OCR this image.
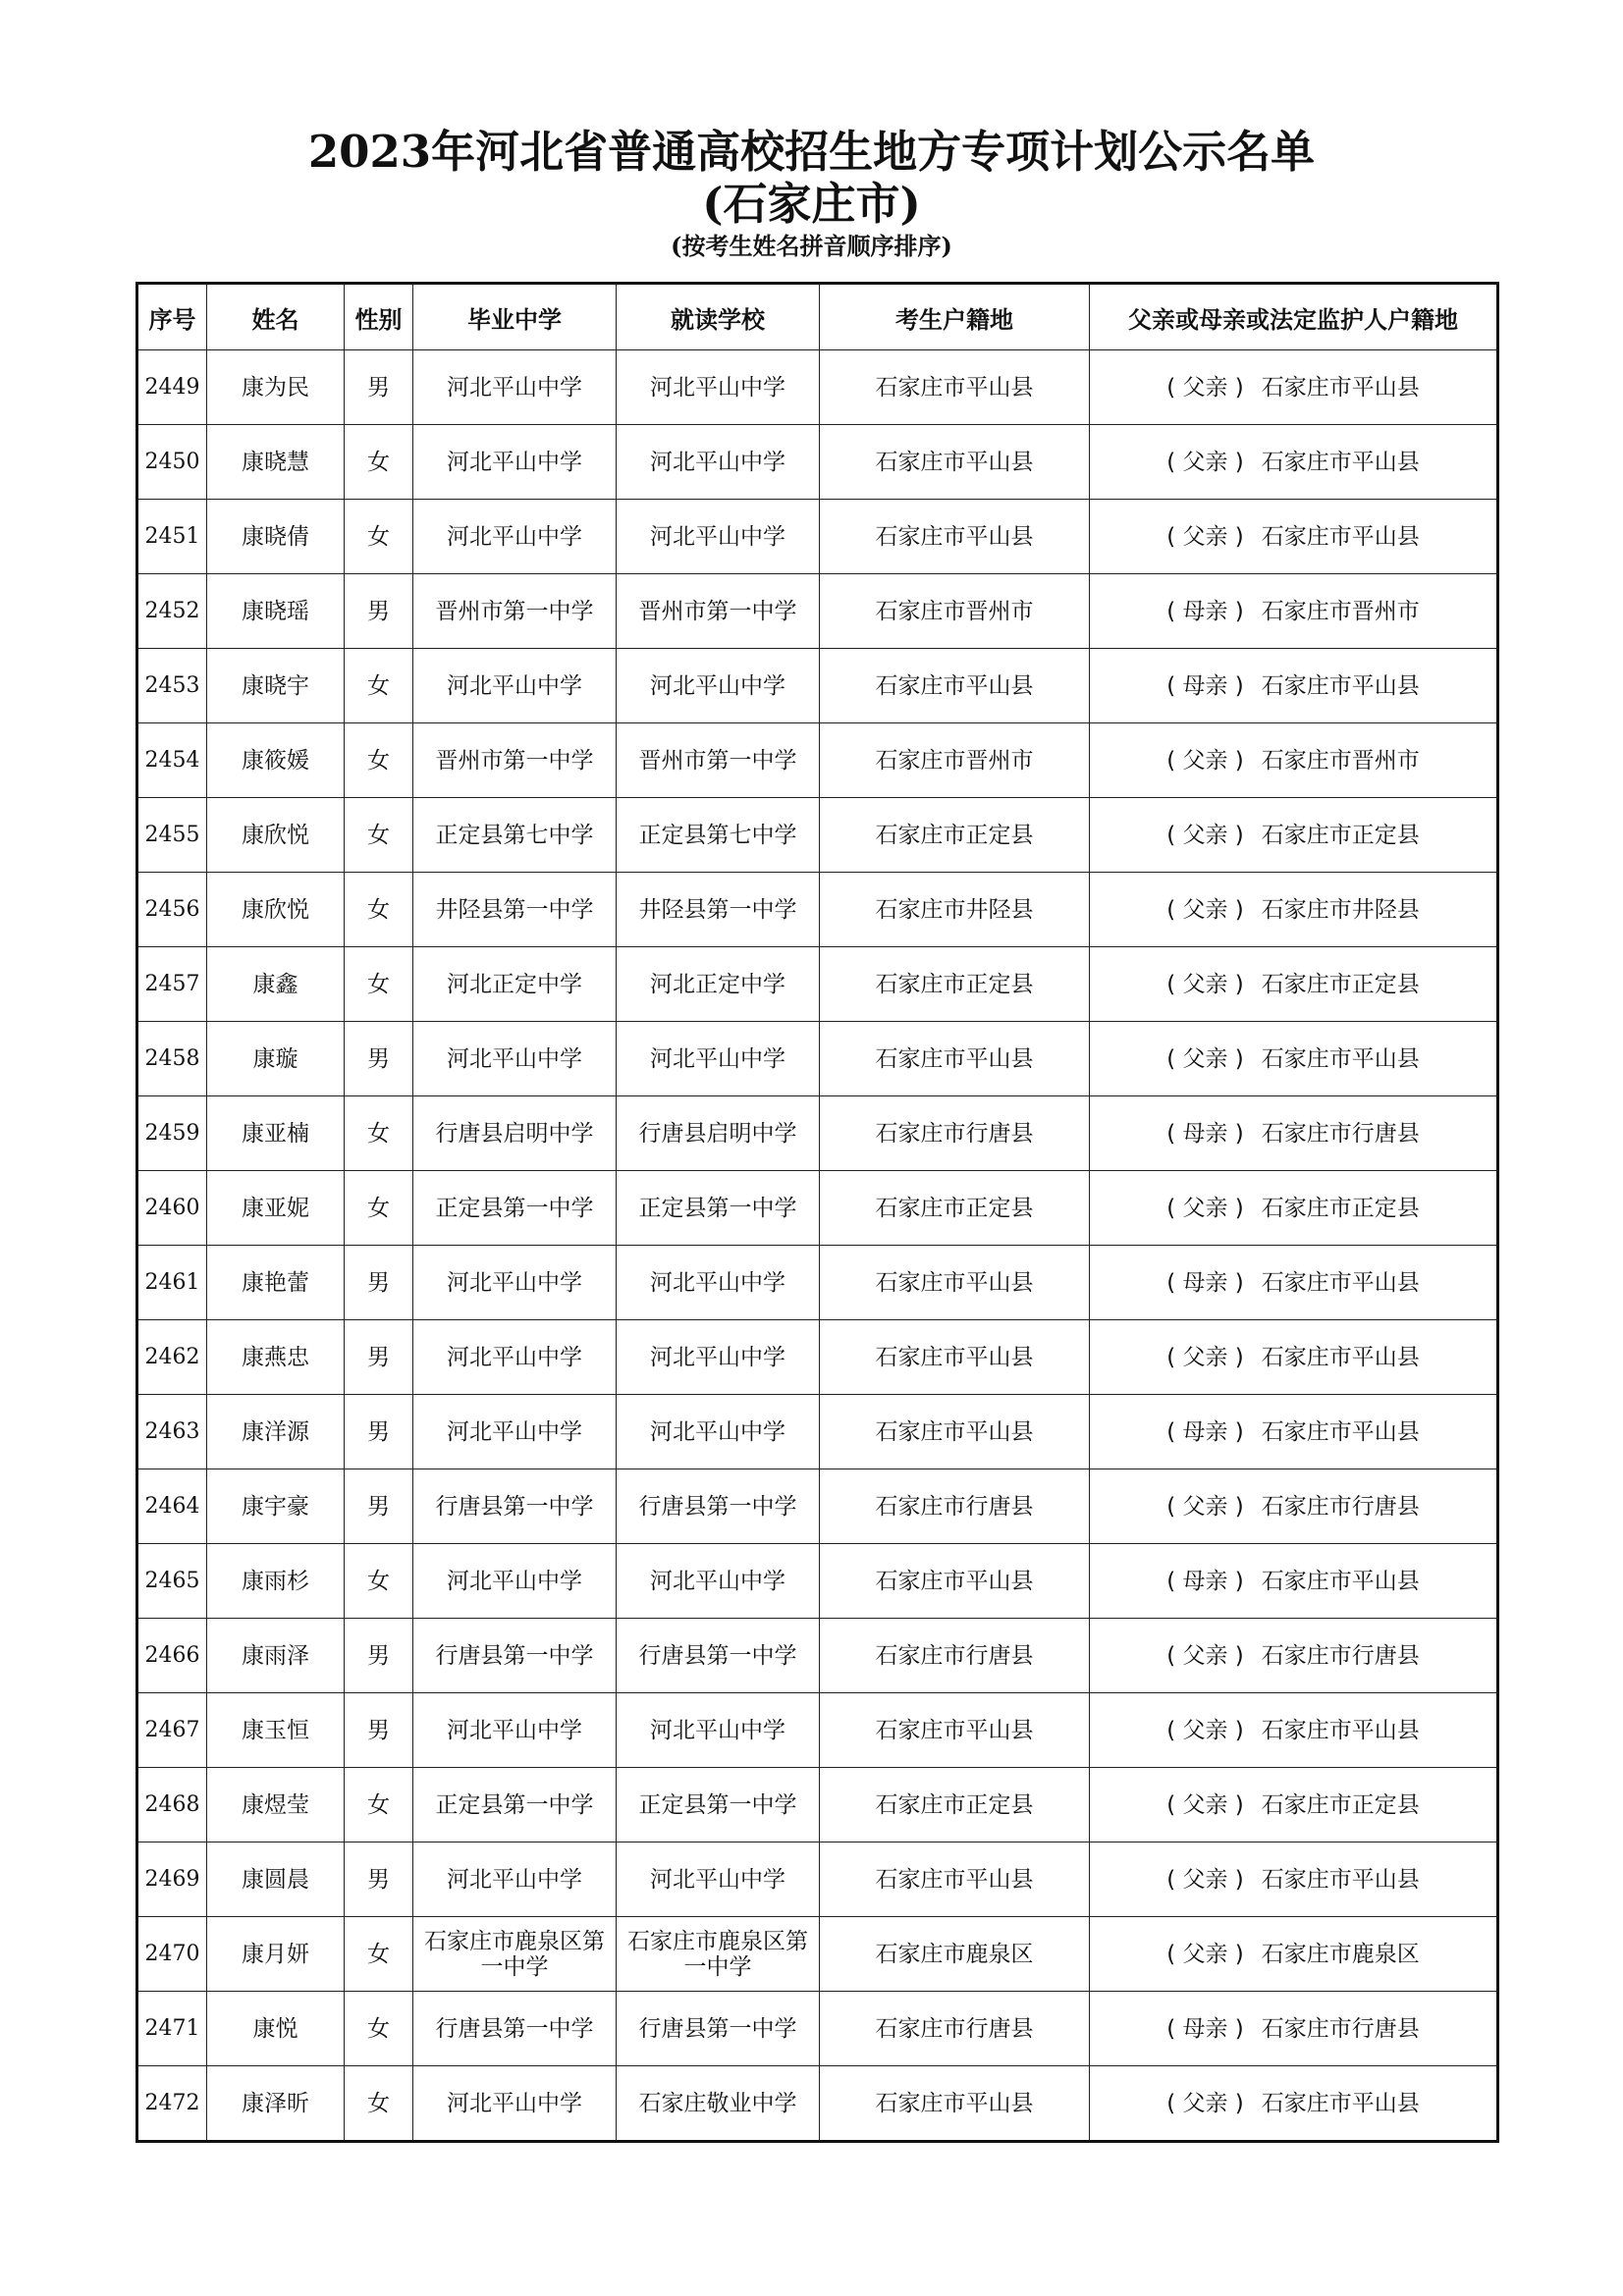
2023年河北省普通高校招生地方专项计划公示名单
(石家庄市)
(按考生姓名拼音顺序排序)
序号	姓名	性别	毕业中学	就读学校	考生户籍地	父亲或母亲或法定监护人户籍地
2449	康为民	男	河北平山中学	河北平山中学	石家庄市平山县	( 父亲 ) 石家庄市平山县
2450	康晓慧	女	河北平山中学	河北平山中学	石家庄市平山县	( 父亲 ) 石家庄市平山县
2451	康晓倩	女	河北平山中学	河北平山中学	石家庄市平山县	( 父亲 ) 石家庄市平山县
2452	康晓瑶	男	晋州市第一中学	晋州市第一中学	石家庄市晋州市	( 母亲 ) 石家庄市晋州市
2453	康晓宇	女	河北平山中学	河北平山中学	石家庄市平山县	( 母亲 ) 石家庄市平山县
2454	康筱媛	女	晋州市第一中学	晋州市第一中学	石家庄市晋州市	( 父亲 ) 石家庄市晋州市
2455	康欣悦	女	正定县第七中学	正定县第七中学	石家庄市正定县	( 父亲 ) 石家庄市正定县
2456	康欣悦	女	井陉县第一中学	井陉县第一中学	石家庄市井陉县	( 父亲 ) 石家庄市井陉县
2457	康鑫	女	河北正定中学	河北正定中学	石家庄市正定县	( 父亲 ) 石家庄市正定县
2458	康璇	男	河北平山中学	河北平山中学	石家庄市平山县	( 父亲 ) 石家庄市平山县
2459	康亚楠	女	行唐县启明中学	行唐县启明中学	石家庄市行唐县	( 母亲 ) 石家庄市行唐县
2460	康亚妮	女	正定县第一中学	正定县第一中学	石家庄市正定县	( 父亲 ) 石家庄市正定县
2461	康艳蕾	男	河北平山中学	河北平山中学	石家庄市平山县	( 母亲 ) 石家庄市平山县
2462	康燕忠	男	河北平山中学	河北平山中学	石家庄市平山县	( 父亲 ) 石家庄市平山县
2463	康洋源	男	河北平山中学	河北平山中学	石家庄市平山县	( 母亲 ) 石家庄市平山县
2464	康宇豪	男	行唐县第一中学	行唐县第一中学	石家庄市行唐县	( 父亲 ) 石家庄市行唐县
2465	康雨杉	女	河北平山中学	河北平山中学	石家庄市平山县	( 母亲 ) 石家庄市平山县
2466	康雨泽	男	行唐县第一中学	行唐县第一中学	石家庄市行唐县	( 父亲 ) 石家庄市行唐县
2467	康玉恒	男	河北平山中学	河北平山中学	石家庄市平山县	( 父亲 ) 石家庄市平山县
2468	康煜莹	女	正定县第一中学	正定县第一中学	石家庄市正定县	( 父亲 ) 石家庄市正定县
2469	康圆晨	男	河北平山中学	河北平山中学	石家庄市平山县	( 父亲 ) 石家庄市平山县
2470	康月妍	女	石家庄市鹿泉区第一中学	石家庄市鹿泉区第一中学	石家庄市鹿泉区	( 父亲 ) 石家庄市鹿泉区
2471	康悦	女	行唐县第一中学	行唐县第一中学	石家庄市行唐县	( 母亲 ) 石家庄市行唐县
2472	康泽昕	女	河北平山中学	石家庄敬业中学	石家庄市平山县	( 父亲 ) 石家庄市平山县
